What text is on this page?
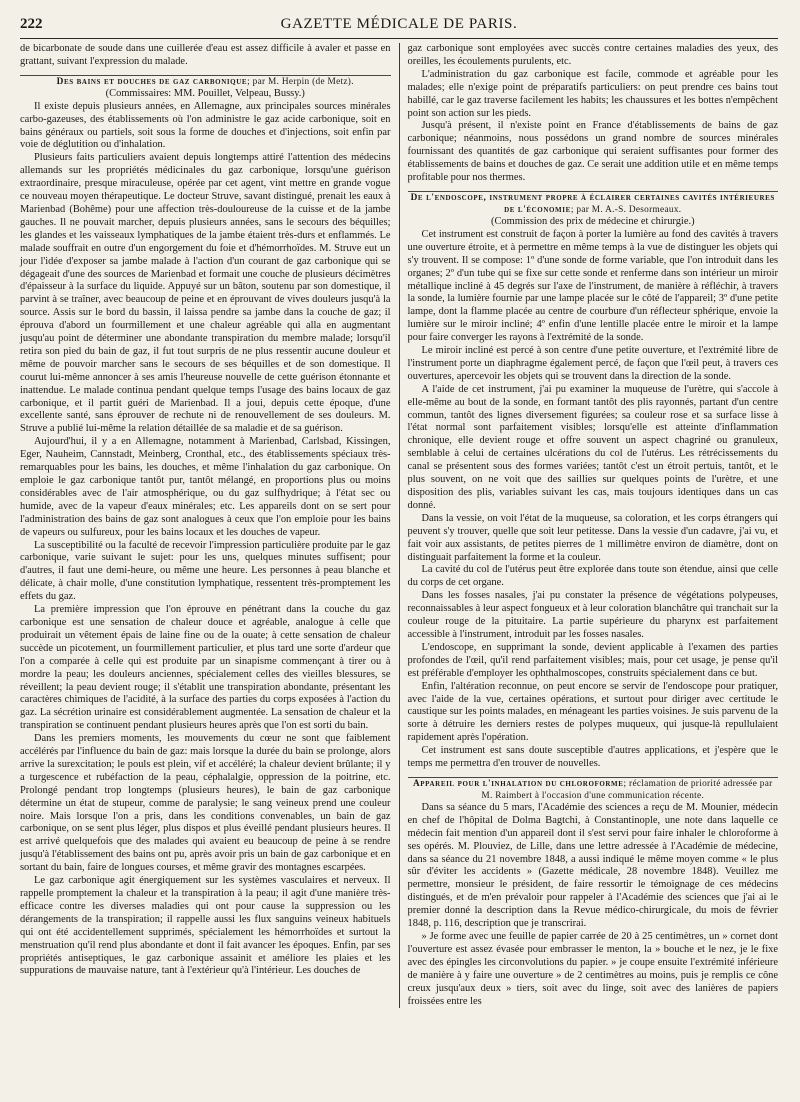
222	GAZETTE MÉDICALE DE PARIS.

de bicarbonate de soude dans une cuillerée d'eau est assez difficile à avaler et passe en grattant, suivant l'expression du malade.

Des bains et douches de gaz carbonique; par M. Herpin (de Metz).

(Commissaires: MM. Pouillet, Velpeau, Bussy.)

Il existe depuis plusieurs années, en Allemagne, aux principales sources minérales carbo-gazeuses, des établissements où l'on administre le gaz acide carbonique, soit en bains généraux ou partiels, soit sous la forme de douches et d'injections, soit enfin par voie de déglutition ou d'inhalation.

Plusieurs faits particuliers avaient depuis longtemps attiré l'attention des médecins allemands sur les propriétés médicinales du gaz carbonique, lorsqu'une guérison extraordinaire, presque miraculeuse, opérée par cet agent, vint mettre en grande vogue ce nouveau moyen thérapeutique. Le docteur Struve, savant distingué, prenait les eaux à Marienbad (Bohême) pour une affection très-douloureuse de la cuisse et de la jambe gauches. Il ne pouvait marcher, depuis plusieurs années, sans le secours des béquilles; les glandes et les vaisseaux lymphatiques de la jambe étaient très-durs et enflammés. Le malade souffrait en outre d'un engorgement du foie et d'hémorrhoïdes. M. Struve eut un jour l'idée d'exposer sa jambe malade à l'action d'un courant de gaz carbonique qui se dégageait d'une des sources de Marienbad et formait une couche de plusieurs décimètres d'épaisseur à la surface du liquide. Appuyé sur un bâton, soutenu par son domestique, il parvint à se traîner, avec beaucoup de peine et en éprouvant de vives douleurs jusqu'à la source. Assis sur le bord du bassin, il laissa pendre sa jambe dans la couche de gaz; il éprouva d'abord un fourmillement et une chaleur agréable qui alla en augmentant jusqu'au point de déterminer une abondante transpiration du membre malade; lorsqu'il retira son pied du bain de gaz, il fut tout surpris de ne plus ressentir aucune douleur et même de pouvoir marcher sans le secours de ses béquilles et de son domestique. Il courut lui-même annoncer à ses amis l'heureuse nouvelle de cette guérison étonnante et inattendue. Le malade continua pendant quelque temps l'usage des bains locaux de gaz carbonique, et il partit guéri de Marienbad. Il a joui, depuis cette époque, d'une excellente santé, sans éprouver de rechute ni de renouvellement de ses douleurs. M. Struve a publié lui-même la relation détaillée de sa maladie et de sa guérison.

Aujourd'hui, il y a en Allemagne, notamment à Marienbad, Carlsbad, Kissingen, Eger, Nauheim, Cannstadt, Meinberg, Cronthal, etc., des établissements spéciaux très-remarquables pour les bains, les douches, et même l'inhalation du gaz carbonique. On emploie le gaz carbonique tantôt pur, tantôt mélangé, en proportions plus ou moins considérables avec de l'air atmosphérique, ou du gaz sulfhydrique; à l'état sec ou humide, avec de la vapeur d'eaux minérales; etc. Les appareils dont on se sert pour l'administration des bains de gaz sont analogues à ceux que l'on emploie pour les bains de vapeurs ou sulfureux, pour les bains locaux et les douches de vapeur.

La susceptibilité ou la faculté de recevoir l'impression particulière produite par le gaz carbonique, varie suivant le sujet: pour les uns, quelques minutes suffisent; pour d'autres, il faut une demi-heure, ou même une heure. Les personnes à peau blanche et délicate, à chair molle, d'une constitution lymphatique, ressentent très-promptement les effets du gaz.

La première impression que l'on éprouve en pénétrant dans la couche du gaz carbonique est une sensation de chaleur douce et agréable, analogue à celle que produirait un vêtement épais de laine fine ou de la ouate; à cette sensation de chaleur succède un picotement, un fourmillement particulier, et plus tard une sorte d'ardeur que l'on a comparée à celle qui est produite par un sinapisme commençant à tirer ou à mordre la peau; les douleurs anciennes, spécialement celles des vieilles blessures, se réveillent; la peau devient rouge; il s'établit une transpiration abondante, présentant les caractères chimiques de l'acidité, à la surface des parties du corps exposées à l'action du gaz. La sécrétion urinaire est considérablement augmentée. La sensation de chaleur et la transpiration se continuent pendant plusieurs heures après que l'on est sorti du bain.

Dans les premiers moments, les mouvements du cœur ne sont que faiblement accélérés par l'influence du bain de gaz: mais lorsque la durée du bain se prolonge, alors arrive la surexcitation; le pouls est plein, vif et accéléré; la chaleur devient brûlante; il y a turgescence et rubéfaction de la peau, céphalalgie, oppression de la poitrine, etc. Prolongé pendant trop longtemps (plusieurs heures), le bain de gaz carbonique détermine un état de stupeur, comme de paralysie; le sang veineux prend une couleur noire. Mais lorsque l'on a pris, dans les conditions convenables, un bain de gaz carbonique, on se sent plus léger, plus dispos et plus éveillé pendant plusieurs heures. Il est arrivé quelquefois que des malades qui avaient eu beaucoup de peine à se rendre jusqu'à l'établissement des bains ont pu, après avoir pris un bain de gaz carbonique et en sortant du bain, faire de longues courses, et même gravir des montagnes escarpées.

Le gaz carbonique agit énergiquement sur les systèmes vasculaires et nerveux. Il rappelle promptement la chaleur et la transpiration à la peau; il agit d'une manière très-efficace contre les diverses maladies qui ont pour cause la suppression ou les dérangements de la transpiration; il rappelle aussi les flux sanguins veineux habituels qui ont été accidentellement supprimés, spécialement les hémorrhoïdes et surtout la menstruation qu'il rend plus abondante et dont il fait avancer les époques. Enfin, par ses propriétés antiseptiques, le gaz carbonique assainit et améliore les plaies et les suppurations de mauvaise nature, tant à l'extérieur qu'à l'intérieur. Les douches de

gaz carbonique sont employées avec succès contre certaines maladies des yeux, des oreilles, les écoulements purulents, etc.

L'administration du gaz carbonique est facile, commode et agréable pour les malades; elle n'exige point de préparatifs particuliers: on peut prendre ces bains tout habillé, car le gaz traverse facilement les habits; les chaussures et les bottes n'empêchent point son action sur les pieds.

Jusqu'à présent, il n'existe point en France d'établissements de bains de gaz carbonique; néanmoins, nous possédons un grand nombre de sources minérales fournissant des quantités de gaz carbonique qui seraient suffisantes pour former des établissements de bains et douches de gaz. Ce serait une addition utile et en même temps profitable pour nos thermes.

De l'endoscope, instrument propre à éclairer certaines cavités intérieures de l'économie; par M. A.-S. Desormeaux.

(Commission des prix de médecine et chirurgie.)

Cet instrument est construit de façon à porter la lumière au fond des cavités à travers une ouverture étroite, et à permettre en même temps à la vue de distinguer les objets qui s'y trouvent. Il se compose: 1º d'une sonde de forme variable, que l'on introduit dans les organes; 2º d'un tube qui se fixe sur cette sonde et renferme dans son intérieur un miroir métallique incliné à 45 degrés sur l'axe de l'instrument, de manière à réfléchir, à travers la sonde, la lumière fournie par une lampe placée sur le côté de l'appareil; 3º d'une petite lampe, dont la flamme placée au centre de courbure d'un réflecteur sphérique, envoie la lumière sur le miroir incliné; 4º enfin d'une lentille placée entre le miroir et la lampe pour faire converger les rayons à l'extrémité de la sonde.

Le miroir incliné est percé à son centre d'une petite ouverture, et l'extrémité libre de l'instrument porte un diaphragme également percé, de façon que l'œil peut, à travers ces ouvertures, apercevoir les objets qui se trouvent dans la direction de la sonde.

A l'aide de cet instrument, j'ai pu examiner la muqueuse de l'urètre, qui s'accole à elle-même au bout de la sonde, en formant tantôt des plis rayonnés, partant d'un centre commun, tantôt des lignes diversement figurées; sa couleur rose et sa surface lisse à l'état normal sont parfaitement visibles; lorsqu'elle est atteinte d'inflammation chronique, elle devient rouge et offre souvent un aspect chagriné ou granuleux, semblable à celui de certaines ulcérations du col de l'utérus. Les rétrécissements du canal se présentent sous des formes variées; tantôt c'est un étroit pertuis, tantôt, et le plus souvent, on ne voit que des saillies sur quelques points de l'urètre, et une disposition des plis, variables suivant les cas, mais toujours identiques dans un cas donné.

Dans la vessie, on voit l'état de la muqueuse, sa coloration, et les corps étrangers qui peuvent s'y trouver, quelle que soit leur petitesse. Dans la vessie d'un cadavre, j'ai vu, et fait voir aux assistants, de petites pierres de 1 millimètre environ de diamètre, dont on distinguait parfaitement la forme et la couleur.

La cavité du col de l'utérus peut être explorée dans toute son étendue, ainsi que celle du corps de cet organe.

Dans les fosses nasales, j'ai pu constater la présence de végétations polypeuses, reconnaissables à leur aspect fongueux et à leur coloration blanchâtre qui tranchait sur la couleur rouge de la pituitaire. La partie supérieure du pharynx est parfaitement accessible à l'instrument, introduit par les fosses nasales.

L'endoscope, en supprimant la sonde, devient applicable à l'examen des parties profondes de l'œil, qu'il rend parfaitement visibles; mais, pour cet usage, je pense qu'il est préférable d'employer les ophthalmoscopes, construits spécialement dans ce but.

Enfin, l'altération reconnue, on peut encore se servir de l'endoscope pour pratiquer, avec l'aide de la vue, certaines opérations, et surtout pour diriger avec certitude le caustique sur les points malades, en ménageant les parties voisines. Je suis parvenu de la sorte à détruire les derniers restes de polypes muqueux, qui jusque-là repullulaient rapidement après l'opération.

Cet instrument est sans doute susceptible d'autres applications, et j'espère que le temps me permettra d'en trouver de nouvelles.

Appareil pour l'inhalation du chloroforme; réclamation de priorité adressée par M. Raimbert à l'occasion d'une communication récente.

Dans sa séance du 5 mars, l'Académie des sciences a reçu de M. Mounier, médecin en chef de l'hôpital de Dolma Bagtchi, à Constantinople, une note dans laquelle ce médecin fait mention d'un appareil dont il s'est servi pour faire inhaler le chloroforme à ses opérés. M. Plouviez, de Lille, dans une lettre adressée à l'Académie de médecine, dans sa séance du 21 novembre 1848, a aussi indiqué le même moyen comme « le plus sûr d'éviter les accidents » (Gazette médicale, 28 novembre 1848). Veuillez me permettre, monsieur le président, de faire ressortir le témoignage de ces médecins distingués, et de m'en prévaloir pour rappeler à l'Académie des sciences que j'ai ai le premier donné la description dans la Revue médico-chirurgicale, du mois de février 1848, p. 116, description que je transcrirai.

» Je forme avec une feuille de papier carrée de 20 à 25 centimètres, un » cornet dont l'ouverture est assez évasée pour embrasser le menton, la » bouche et le nez, je le fixe avec des épingles les circonvolutions du papier. » je coupe ensuite l'extrémité inférieure de manière à y faire une ouverture » de 2 centimètres au moins, puis je remplis ce cône creux jusqu'aux deux » tiers, soit avec du linge, soit avec des lanières de papiers froissées entre les
